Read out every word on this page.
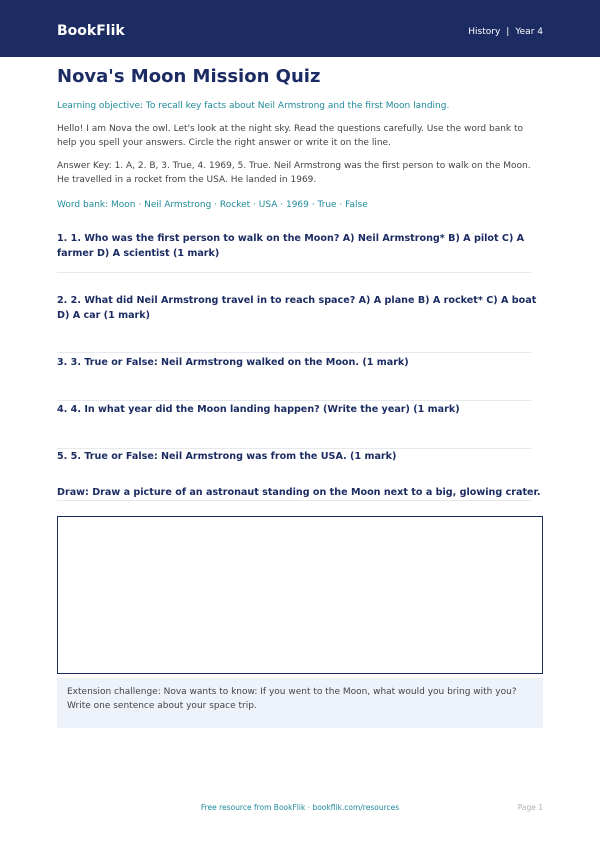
BookFlik	History | Year 4
Nova's Moon Mission Quiz
Learning objective: To recall key facts about Neil Armstrong and the first Moon landing.
Hello! I am Nova the owl. Let's look at the night sky. Read the questions carefully. Use the word bank to help you spell your answers. Circle the right answer or write it on the line.
Answer Key: 1. A, 2. B, 3. True, 4. 1969, 5. True. Neil Armstrong was the first person to walk on the Moon. He travelled in a rocket from the USA. He landed in 1969.
Word bank: Moon · Neil Armstrong · Rocket · USA · 1969 · True · False
1. 1. Who was the first person to walk on the Moon? A) Neil Armstrong* B) A pilot C) A farmer D) A scientist (1 mark)
2. 2. What did Neil Armstrong travel in to reach space? A) A plane B) A rocket* C) A boat D) A car (1 mark)
3. 3. True or False: Neil Armstrong walked on the Moon. (1 mark)
4. 4. In what year did the Moon landing happen? (Write the year) (1 mark)
5. 5. True or False: Neil Armstrong was from the USA. (1 mark)
Draw: Draw a picture of an astronaut standing on the Moon next to a big, glowing crater.
Extension challenge: Nova wants to know: If you went to the Moon, what would you bring with you? Write one sentence about your space trip.
Free resource from BookFlik · bookflik.com/resources	Page 1
